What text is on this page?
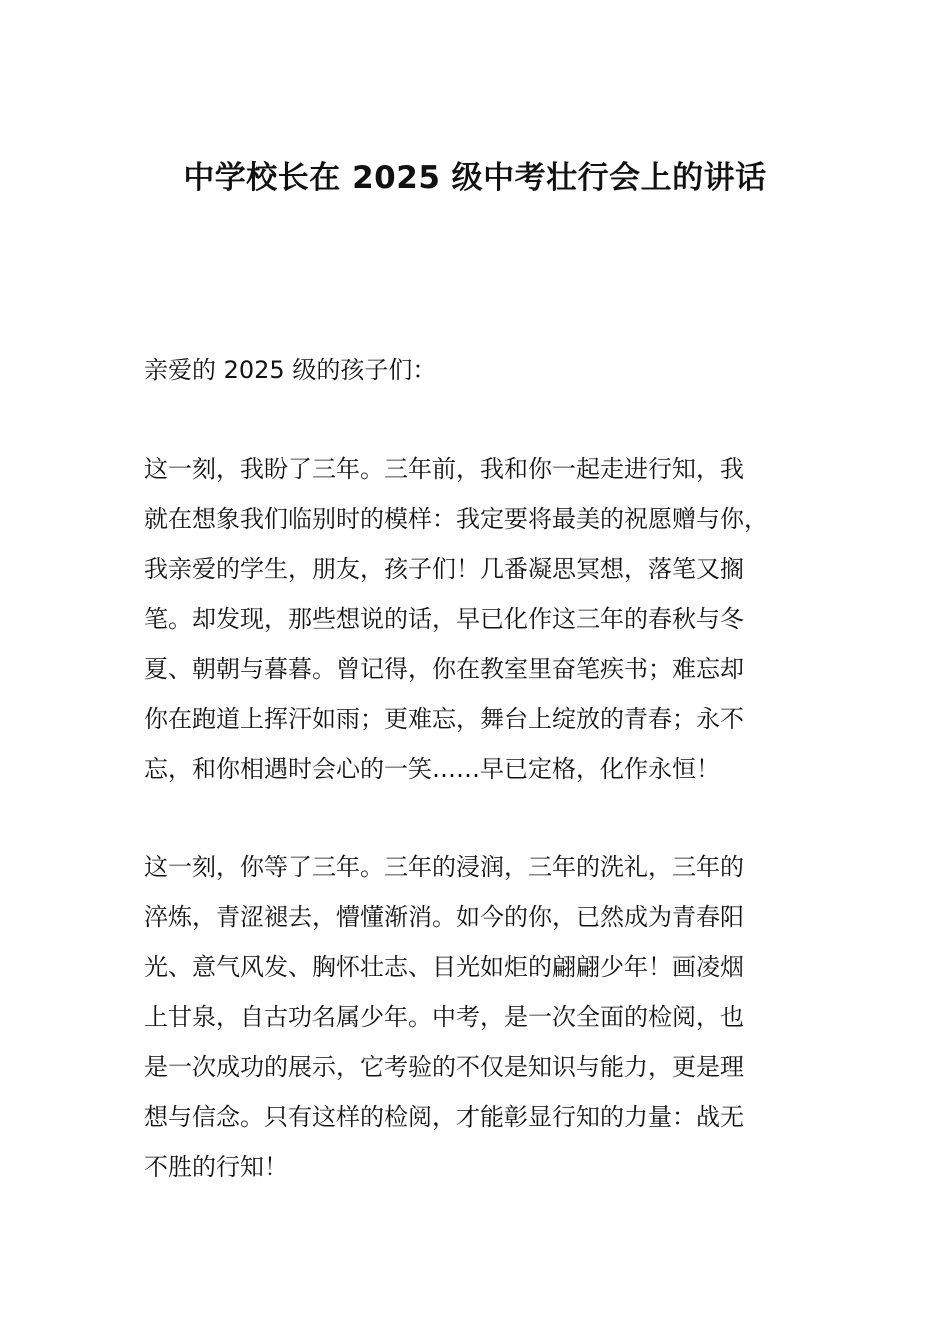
中学校长在 2025 级中考壮行会上的讲话
亲爱的 2025 级的孩子们：
这一刻，我盼了三年。三年前，我和你一起走进行知，我
就在想象我们临别时的模样：我定要将最美的祝愿赠与你，
我亲爱的学生，朋友，孩子们！几番凝思冥想，落笔又搁
笔。却发现，那些想说的话，早已化作这三年的春秋与冬
夏、朝朝与暮暮。曾记得，你在教室里奋笔疾书；难忘却
你在跑道上挥汗如雨；更难忘，舞台上绽放的青春；永不
忘，和你相遇时会心的一笑……早已定格，化作永恒！
这一刻，你等了三年。三年的浸润，三年的洗礼，三年的
淬炼，青涩褪去，懵懂渐消。如今的你，已然成为青春阳
光、意气风发、胸怀壮志、目光如炬的翩翩少年！画凌烟
上甘泉，自古功名属少年。中考，是一次全面的检阅，也
是一次成功的展示，它考验的不仅是知识与能力，更是理
想与信念。只有这样的检阅，才能彰显行知的力量：战无
不胜的行知！
